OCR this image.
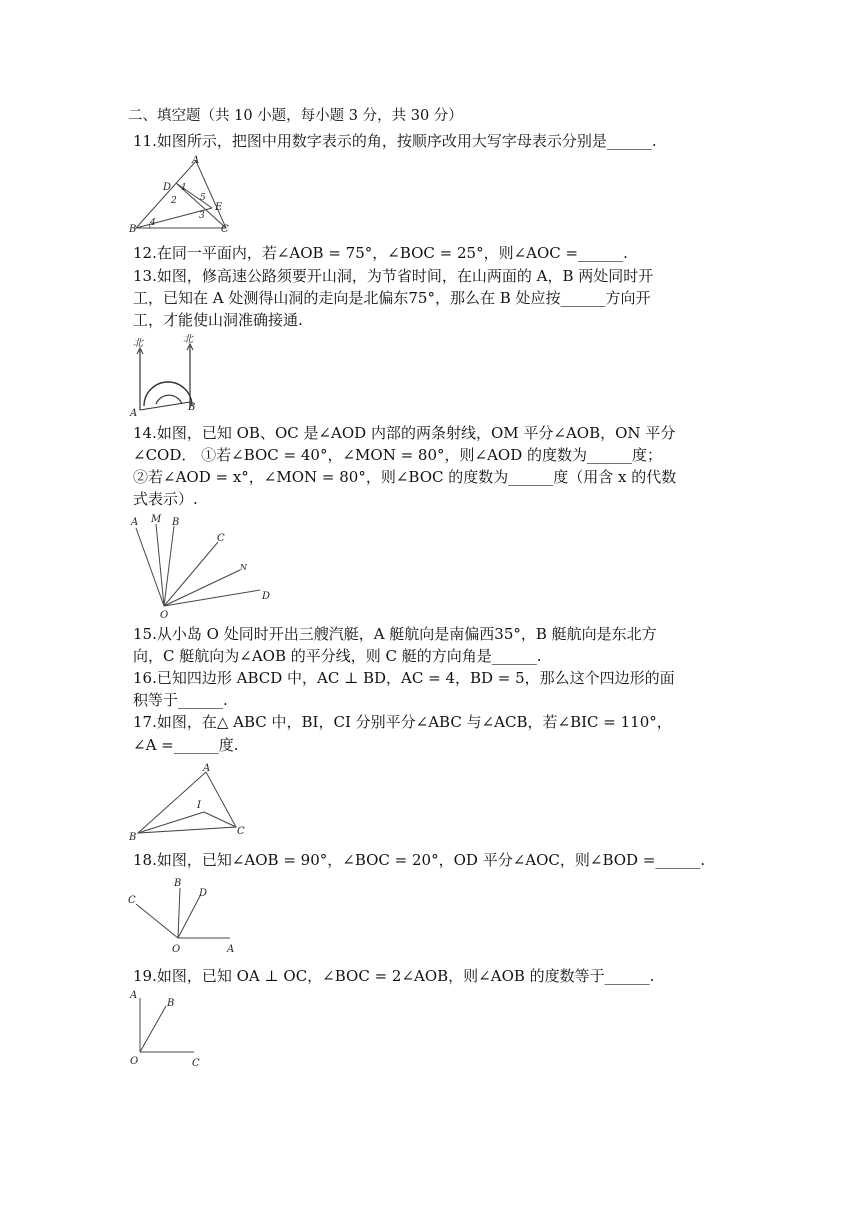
二、填空题（共 10 小题，每小题 3 分，共 30 分）
11.如图所示，把图中用数字表示的角，按顺序改用大写字母表示分别是______.
A
D 1
2	5
E
3
B
4
C
12.在同一平面内，若∠AOB = 75°，∠BOC = 25°，则∠AOC =______.
13.如图，修高速公路须要开山洞，为节省时间，在山两面的 A，B 两处同时开
工，已知在 A 处测得山洞的走向是北偏东75°，那么在 B 处应按______方向开
工，才能使山洞准确接通.
北	北
A
B
14.如图，已知 OB、OC 是∠AOD 内部的两条射线，OM 平分∠AOB，ON 平分
∠COD． ①若∠BOC = 40°，∠MON = 80°，则∠AOD 的度数为______度；
②若∠AOD = x°，∠MON = 80°，则∠BOC 的度数为______度（用含 x 的代数
式表示）.
A M B
C
N
D
O
15.从小岛 O 处同时开出三艘汽艇，A 艇航向是南偏西35°，B 艇航向是东北方
向，C 艇航向为∠AOB 的平分线，则 C 艇的方向角是______.
16.已知四边形 ABCD 中，AC ⊥ BD，AC = 4，BD = 5，那么这个四边形的面
积等于______.
17.如图，在△ ABC 中，BI，CI 分别平分∠ABC 与∠ACB，若∠BIC = 110°，
∠A =______度.
A
I
B
C
18.如图，已知∠AOB = 90°，∠BOC = 20°，OD 平分∠AOC，则∠BOD =______.
B
D
C
O	A
19.如图，已知 OA ⊥ OC，∠BOC = 2∠AOB，则∠AOB 的度数等于______.
A
B
O	C
